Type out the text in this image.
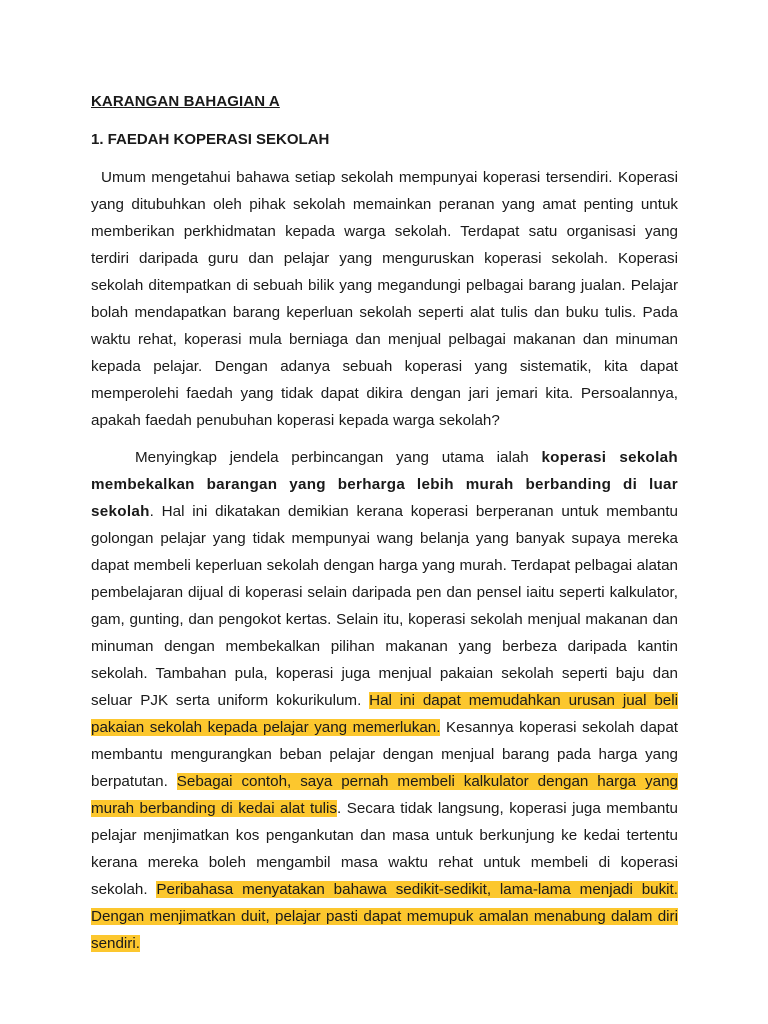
KARANGAN BAHAGIAN A
1. FAEDAH KOPERASI SEKOLAH

Umum mengetahui bahawa setiap sekolah mempunyai koperasi tersendiri. Koperasi yang ditubuhkan oleh pihak sekolah memainkan peranan yang amat penting untuk memberikan perkhidmatan kepada warga sekolah. Terdapat satu organisasi yang terdiri daripada guru dan pelajar yang menguruskan koperasi sekolah. Koperasi sekolah ditempatkan di sebuah bilik yang megandungi pelbagai barang jualan. Pelajar bolah mendapatkan barang keperluan sekolah seperti alat tulis dan buku tulis. Pada waktu rehat, koperasi mula berniaga dan menjual pelbagai makanan dan minuman kepada pelajar. Dengan adanya sebuah koperasi yang sistematik, kita dapat memperolehi faedah yang tidak dapat dikira dengan jari jemari kita. Persoalannya, apakah faedah penubuhan koperasi kepada warga sekolah?

Menyingkap jendela perbincangan yang utama ialah koperasi sekolah membekalkan barangan yang berharga lebih murah berbanding di luar sekolah. Hal ini dikatakan demikian kerana koperasi berperanan untuk membantu golongan pelajar yang tidak mempunyai wang belanja yang banyak supaya mereka dapat membeli keperluan sekolah dengan harga yang murah. Terdapat pelbagai alatan pembelajaran dijual di koperasi selain daripada pen dan pensel iaitu seperti kalkulator, gam, gunting, dan pengokot kertas. Selain itu, koperasi sekolah menjual makanan dan minuman dengan membekalkan pilihan makanan yang berbeza daripada kantin sekolah. Tambahan pula, koperasi juga menjual pakaian sekolah seperti baju dan seluar PJK serta uniform kokurikulum. Hal ini dapat memudahkan urusan jual beli pakaian sekolah kepada pelajar yang memerlukan. Kesannya koperasi sekolah dapat membantu mengurangkan beban pelajar dengan menjual barang pada harga yang berpatutan. Sebagai contoh, saya pernah membeli kalkulator dengan harga yang murah berbanding di kedai alat tulis. Secara tidak langsung, koperasi juga membantu pelajar menjimatkan kos pengankutan dan masa untuk berkunjung ke kedai tertentu kerana mereka boleh mengambil masa waktu rehat untuk membeli di koperasi sekolah. Peribahasa menyatakan bahawa sedikit-sedikit, lama-lama menjadi bukit. Dengan menjimatkan duit, pelajar pasti dapat memupuk amalan menabung dalam diri sendiri.
